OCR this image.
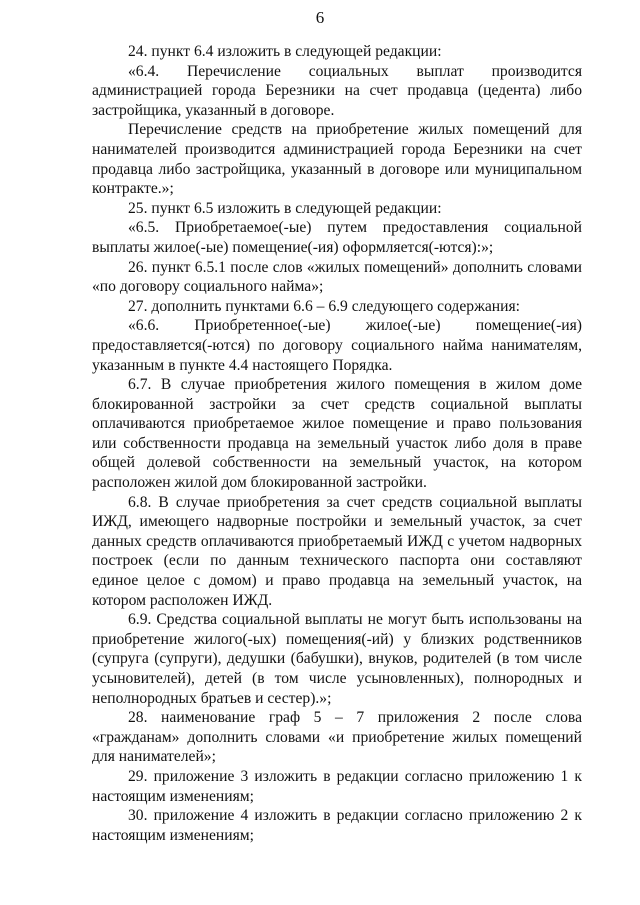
6

24. пункт 6.4 изложить в следующей редакции:

«6.4. Перечисление социальных выплат производится администрацией города Березники на счет продавца (цедента) либо застройщика, указанный в договоре.

Перечисление средств на приобретение жилых помещений для нанимателей производится администрацией города Березники на счет продавца либо застройщика, указанный в договоре или муниципальном контракте.»;

25. пункт 6.5 изложить в следующей редакции:

«6.5. Приобретаемое(-ые) путем предоставления социальной выплаты жилое(-ые) помещение(-ия) оформляется(-ются):»;

26. пункт 6.5.1 после слов «жилых помещений» дополнить словами «по договору социального найма»;

27. дополнить пунктами 6.6 – 6.9 следующего содержания:

«6.6. Приобретенное(-ые) жилое(-ые) помещение(-ия) предоставляется(-ются) по договору социального найма нанимателям, указанным в пункте 4.4 настоящего Порядка.

6.7. В случае приобретения жилого помещения в жилом доме блокированной застройки за счет средств социальной выплаты оплачиваются приобретаемое жилое помещение и право пользования или собственности продавца на земельный участок либо доля в праве общей долевой собственности на земельный участок, на котором расположен жилой дом блокированной застройки.

6.8. В случае приобретения за счет средств социальной выплаты ИЖД, имеющего надворные постройки и земельный участок, за счет данных средств оплачиваются приобретаемый ИЖД с учетом надворных построек (если по данным технического паспорта они составляют единое целое с домом) и право продавца на земельный участок, на котором расположен ИЖД.

6.9. Средства социальной выплаты не могут быть использованы на приобретение жилого(-ых) помещения(-ий) у близких родственников (супруга (супруги), дедушки (бабушки), внуков, родителей (в том числе усыновителей), детей (в том числе усыновленных), полнородных и неполнородных братьев и сестер).»;

28. наименование граф 5 – 7 приложения 2 после слова «гражданам» дополнить словами «и приобретение жилых помещений для нанимателей»;

29. приложение 3 изложить в редакции согласно приложению 1 к настоящим изменениям;

30. приложение 4 изложить в редакции согласно приложению 2 к настоящим изменениям;
